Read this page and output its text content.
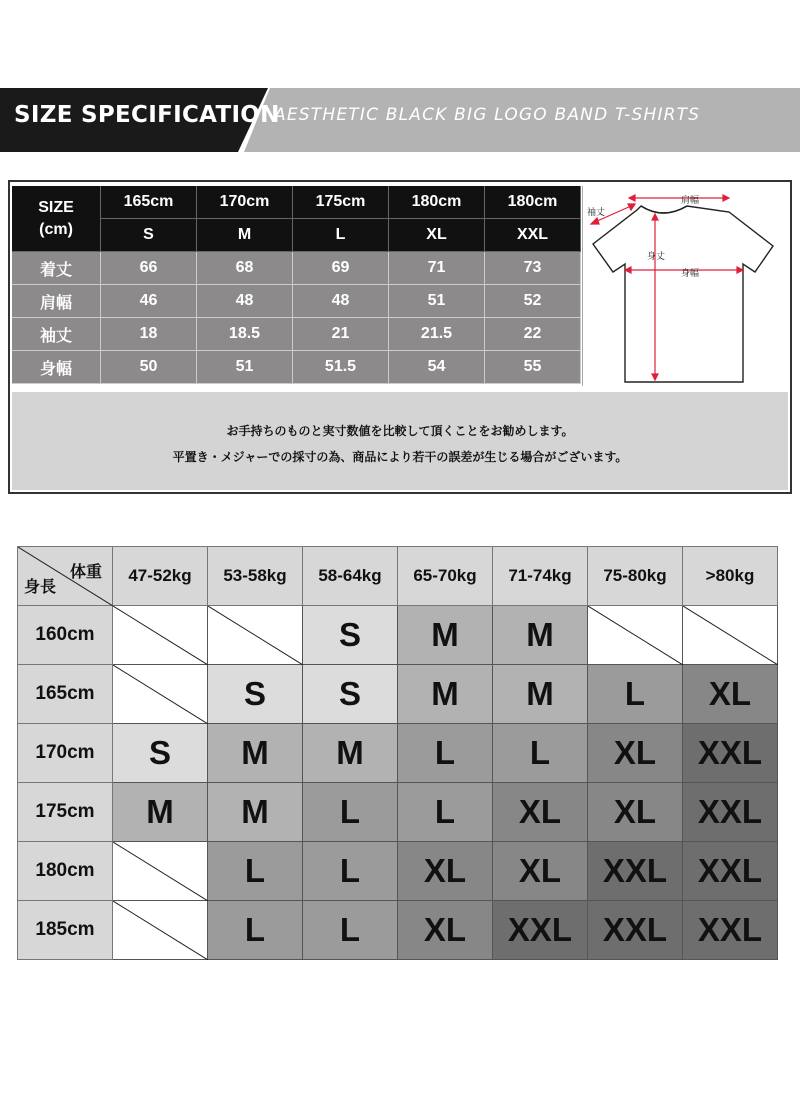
SIZE SPECIFICATION
AESTHETIC BLACK BIG LOGO BAND T-SHIRTS
SIZE
(cm)	165cm	170cm	175cm	180cm	180cm
	S	M	L	XL	XXL
着丈	66	68	69	71	73
肩幅	46	48	48	51	52
袖丈	18	18.5	21	21.5	22
身幅	50	51	51.5	54	55
肩幅
袖丈
身丈
身幅

お手持ちのものと実寸数値を比較して頂くことをお勧めします。

平置き・メジャーでの採寸の為、商品により若干の誤差が生じる場合がございます。

体重
身長	47-52kg	53-58kg	58-64kg	65-70kg	71-74kg	75-80kg	>80kg
160cm			S	M	M	

165cm		S	S	M	M	L	XL
170cm	S	M	M	L	L	XL	XXL
175cm	M	M	L	L	XL	XL	XXL
180cm		L	L	XL	XL	XXL	XXL
185cm		L	L	XL	XXL	XXL	XXL
